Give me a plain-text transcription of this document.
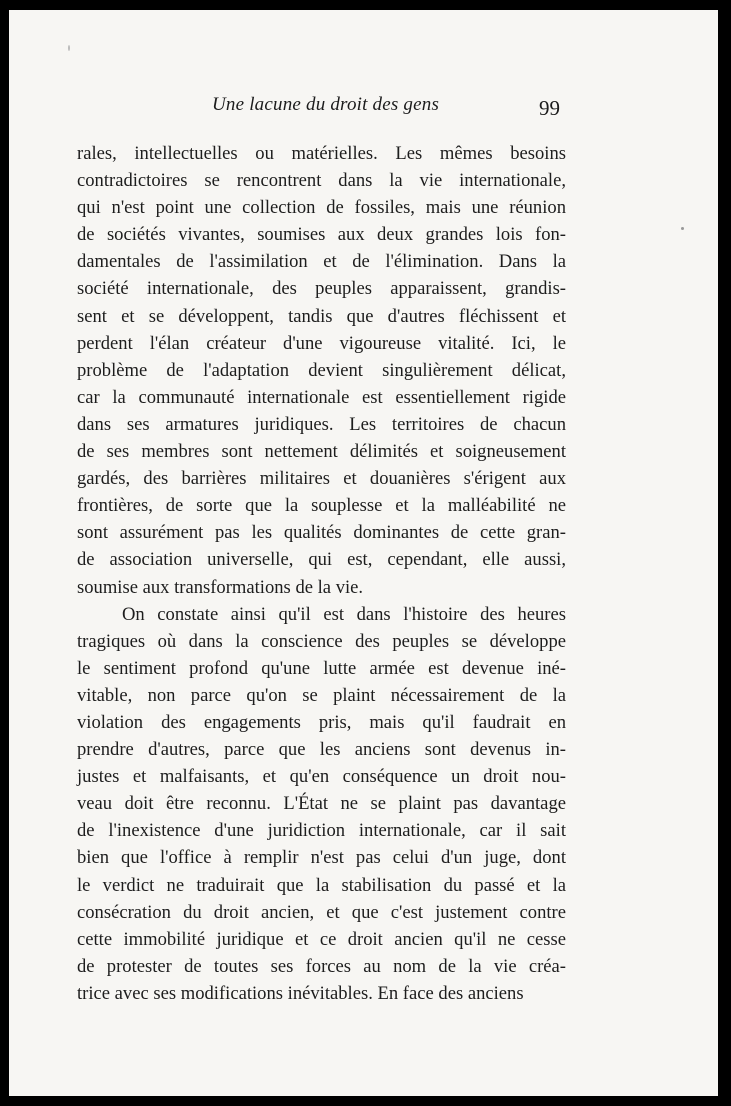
Une lacune du droit des gens	99
rales, intellectuelles ou matérielles. Les mêmes besoins
contradictoires se rencontrent dans la vie internationale,
qui n'est point une collection de fossiles, mais une réunion
de sociétés vivantes, soumises aux deux grandes lois fon-
damentales de l'assimilation et de l'élimination. Dans la
société internationale, des peuples apparaissent, grandis-
sent et se développent, tandis que d'autres fléchissent et
perdent l'élan créateur d'une vigoureuse vitalité. Ici, le
problème de l'adaptation devient singulièrement délicat,
car la communauté internationale est essentiellement rigide
dans ses armatures juridiques. Les territoires de chacun
de ses membres sont nettement délimités et soigneusement
gardés, des barrières militaires et douanières s'érigent aux
frontières, de sorte que la souplesse et la malléabilité ne
sont assurément pas les qualités dominantes de cette gran-
de association universelle, qui est, cependant, elle aussi,
soumise aux transformations de la vie.
On constate ainsi qu'il est dans l'histoire des heures
tragiques où dans la conscience des peuples se développe
le sentiment profond qu'une lutte armée est devenue iné-
vitable, non parce qu'on se plaint nécessairement de la
violation des engagements pris, mais qu'il faudrait en
prendre d'autres, parce que les anciens sont devenus in-
justes et malfaisants, et qu'en conséquence un droit nou-
veau doit être reconnu. L'État ne se plaint pas davantage
de l'inexistence d'une juridiction internationale, car il sait
bien que l'office à remplir n'est pas celui d'un juge, dont
le verdict ne traduirait que la stabilisation du passé et la
consécration du droit ancien, et que c'est justement contre
cette immobilité juridique et ce droit ancien qu'il ne cesse
de protester de toutes ses forces au nom de la vie créa-
trice avec ses modifications inévitables. En face des anciens
